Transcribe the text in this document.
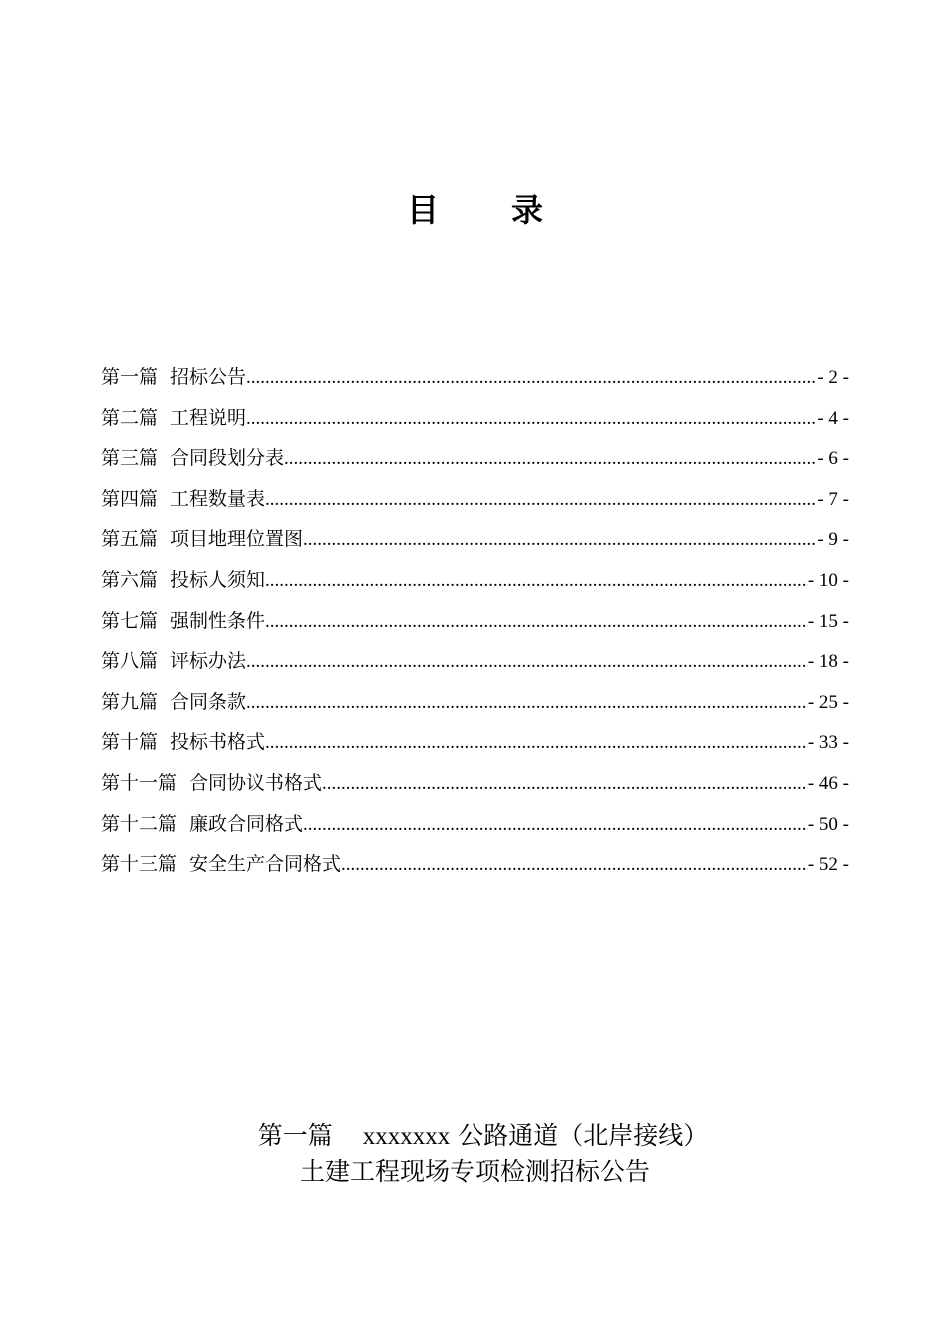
目 录
第一篇 招标公告 .....	- 2 -
第二篇 工程说明 .....	- 4 -
第三篇 合同段划分表 .....	- 6 -
第四篇 工程数量表 .....	- 7 -
第五篇 项目地理位置图 .....	- 9 -
第六篇 投标人须知 .....	- 10 -
第七篇 强制性条件 .....	- 15 -
第八篇 评标办法 .....	- 18 -
第九篇 合同条款 .....	- 25 -
第十篇 投标书格式 .....	- 33 -
第十一篇 合同协议书格式 .....	- 46 -
第十二篇 廉政合同格式 .....	- 50 -
第十三篇 安全生产合同格式 .....	- 52 -
第一篇 xxxxxxx 公路通道（北岸接线）
土建工程现场专项检测招标公告
